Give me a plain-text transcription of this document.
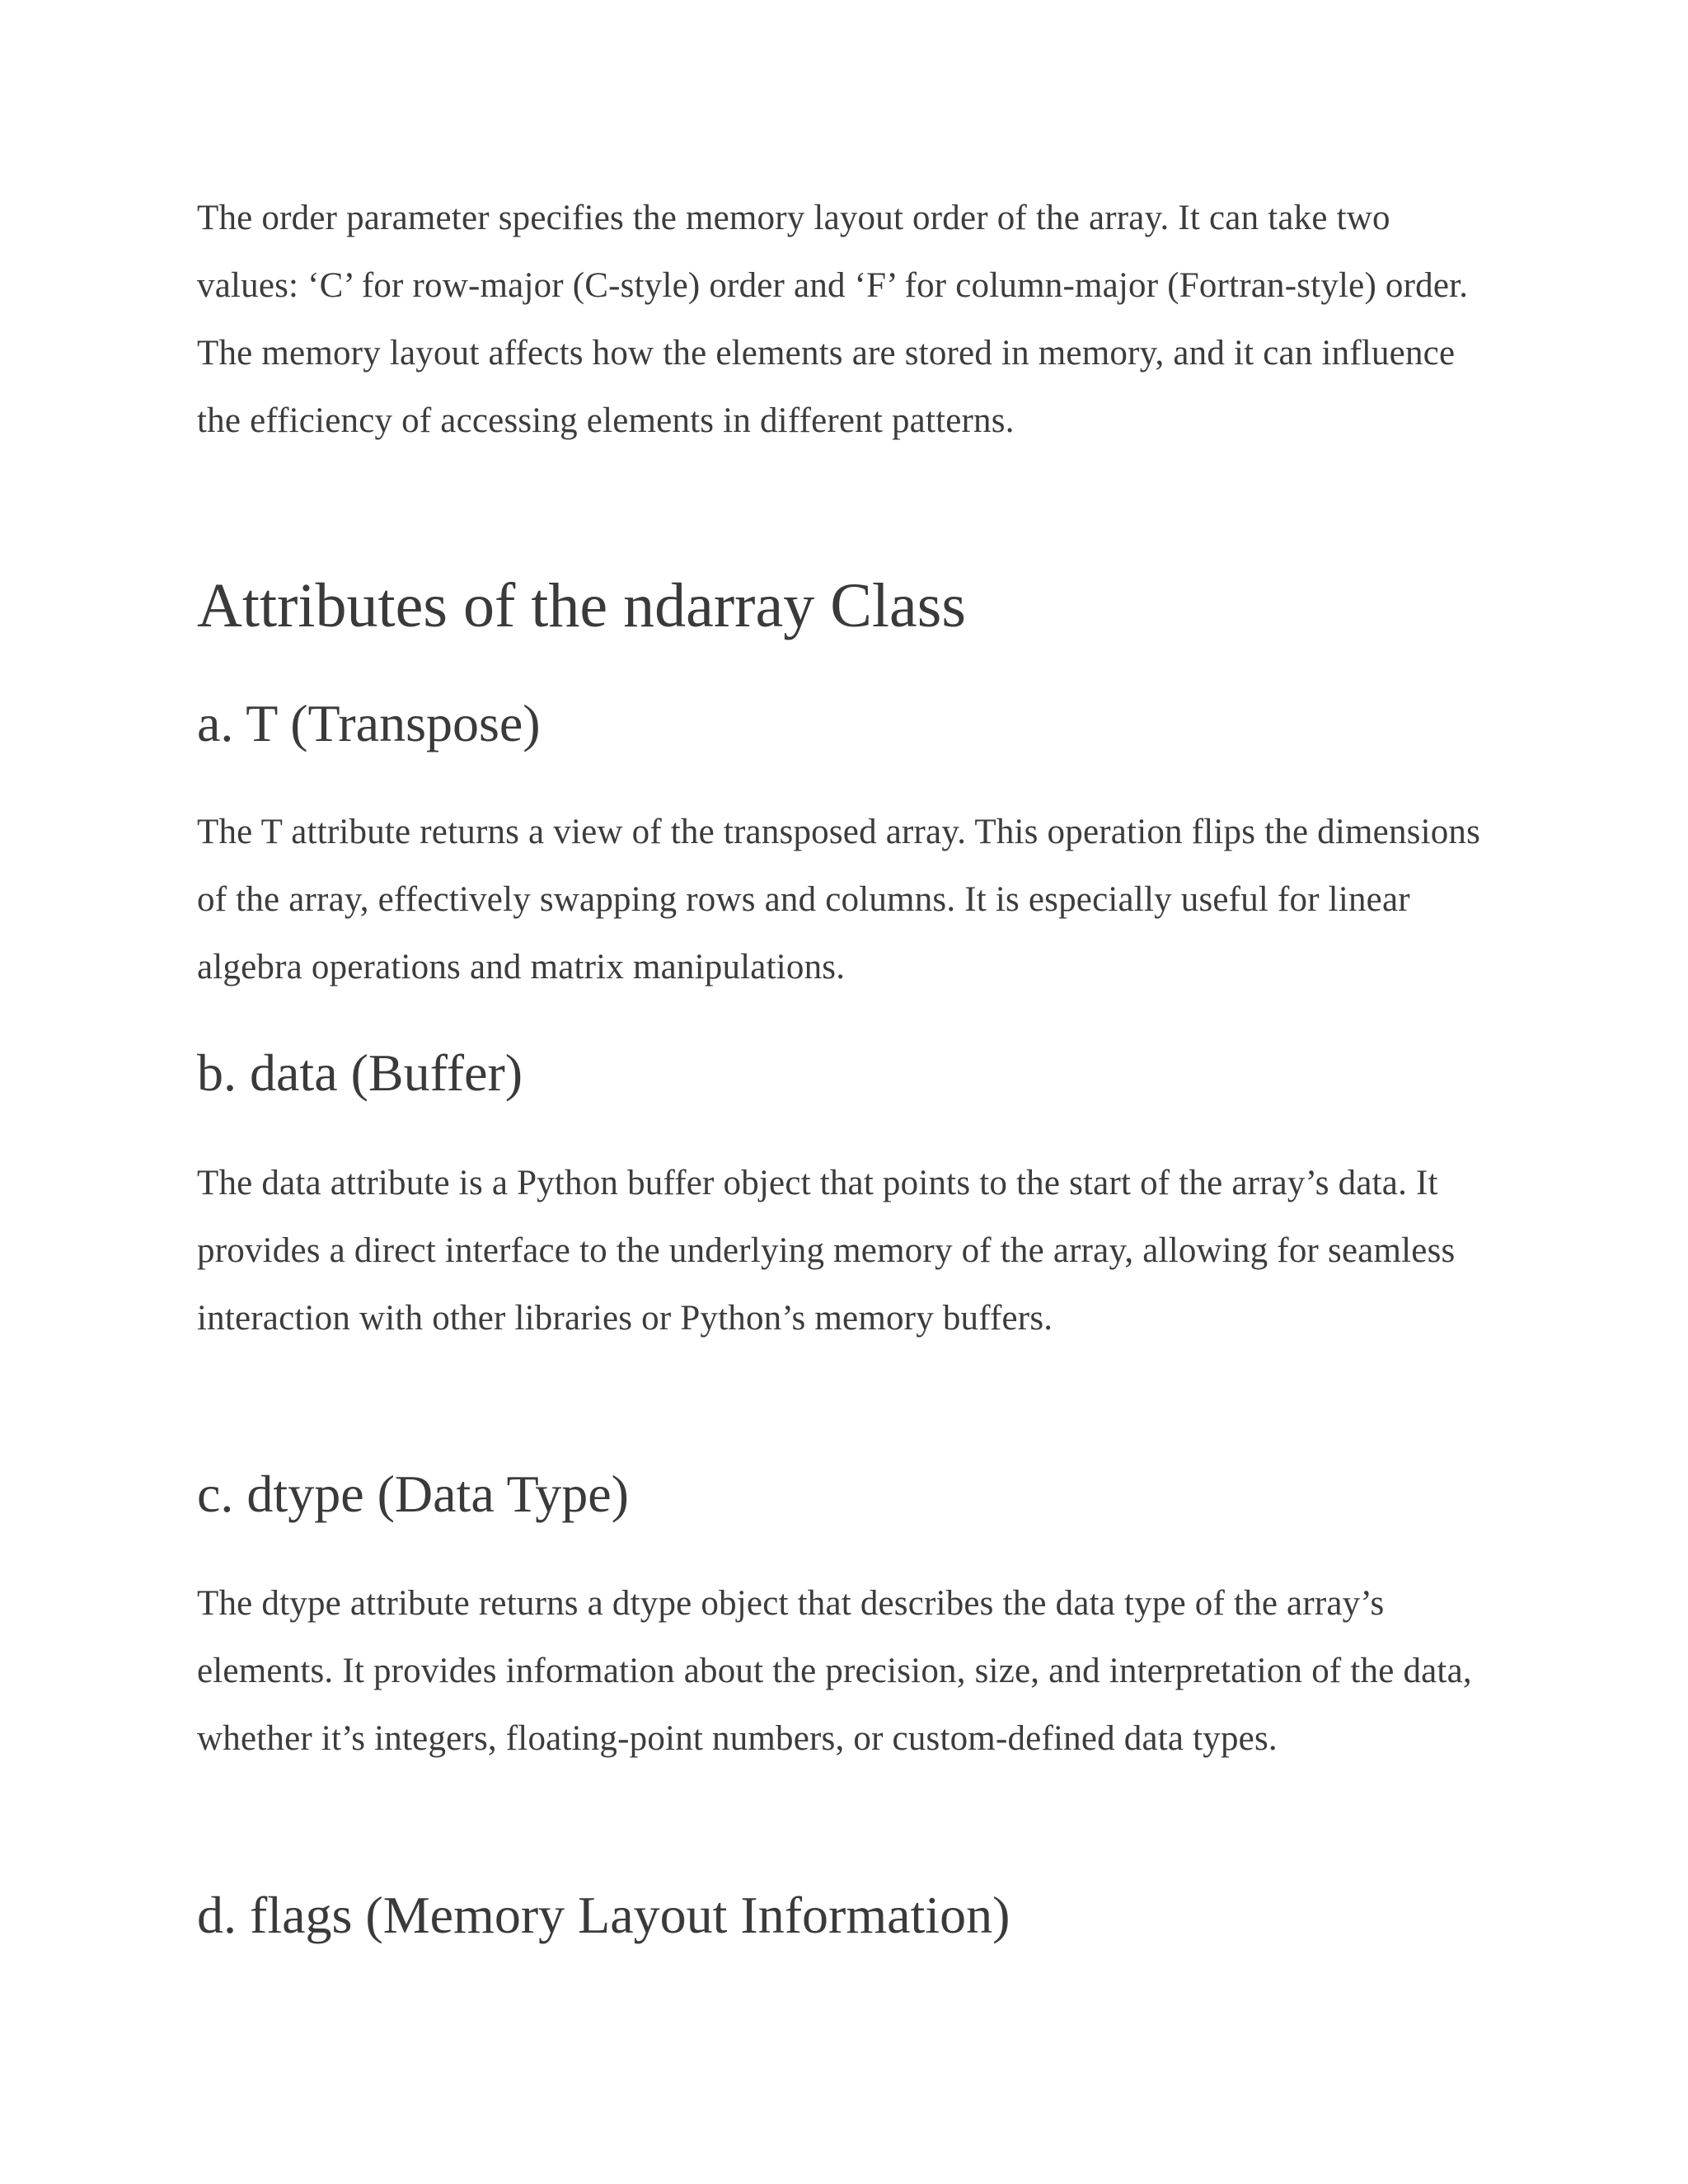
The order parameter specifies the memory layout order of the array. It can take two values: ‘C’ for row-major (C-style) order and ‘F’ for column-major (Fortran-style) order. The memory layout affects how the elements are stored in memory, and it can influence the efficiency of accessing elements in different patterns.

Attributes of the ndarray Class
a. T (Transpose)

The T attribute returns a view of the transposed array. This operation flips the dimensions of the array, effectively swapping rows and columns. It is especially useful for linear algebra operations and matrix manipulations.

b. data (Buffer)

The data attribute is a Python buffer object that points to the start of the array’s data. It provides a direct interface to the underlying memory of the array, allowing for seamless interaction with other libraries or Python’s memory buffers.

c. dtype (Data Type)

The dtype attribute returns a dtype object that describes the data type of the array’s elements. It provides information about the precision, size, and interpretation of the data, whether it’s integers, floating-point numbers, or custom-defined data types.

d. flags (Memory Layout Information)
